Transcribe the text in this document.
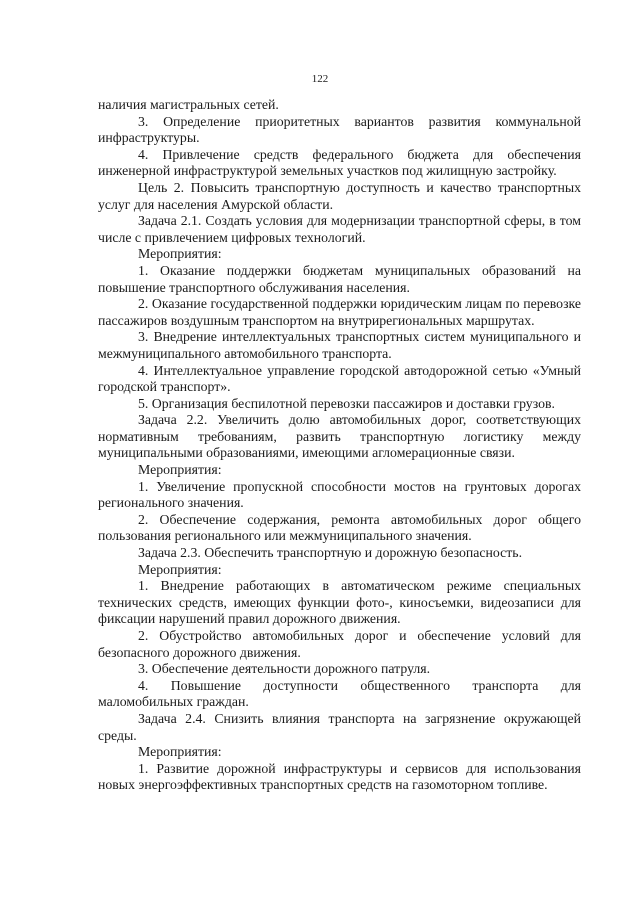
122

наличия магистральных сетей.

3. Определение приоритетных вариантов развития коммунальной инфраструктуры.

4. Привлечение средств федерального бюджета для обеспечения инженерной инфраструктурой земельных участков под жилищную застройку.

Цель 2. Повысить транспортную доступность и качество транспортных услуг для населения Амурской области.

Задача 2.1. Создать условия для модернизации транспортной сферы, в том числе с привлечением цифровых технологий.

Мероприятия:

1. Оказание поддержки бюджетам муниципальных образований на повышение транспортного обслуживания населения.

2. Оказание государственной поддержки юридическим лицам по перевозке пассажиров воздушным транспортом на внутрирегиональных маршрутах.

3. Внедрение интеллектуальных транспортных систем муниципального и межмуниципального автомобильного транспорта.

4. Интеллектуальное управление городской автодорожной сетью «Умный городской транспорт».

5. Организация беспилотной перевозки пассажиров и доставки грузов.

Задача 2.2. Увеличить долю автомобильных дорог, соответствующих нормативным требованиям, развить транспортную логистику между муниципальными образованиями, имеющими агломерационные связи.

Мероприятия:

1. Увеличение пропускной способности мостов на грунтовых дорогах регионального значения.

2. Обеспечение содержания, ремонта автомобильных дорог общего пользования регионального или межмуниципального значения.

Задача 2.3. Обеспечить транспортную и дорожную безопасность.

Мероприятия:

1. Внедрение работающих в автоматическом режиме специальных технических средств, имеющих функции фото-, киносъемки, видеозаписи для фиксации нарушений правил дорожного движения.

2. Обустройство автомобильных дорог и обеспечение условий для безопасного дорожного движения.

3. Обеспечение деятельности дорожного патруля.

4. Повышение доступности общественного транспорта для маломобильных граждан.

Задача 2.4. Снизить влияния транспорта на загрязнение окружающей среды.

Мероприятия:

1. Развитие дорожной инфраструктуры и сервисов для использования новых энергоэффективных транспортных средств на газомоторном топливе.
